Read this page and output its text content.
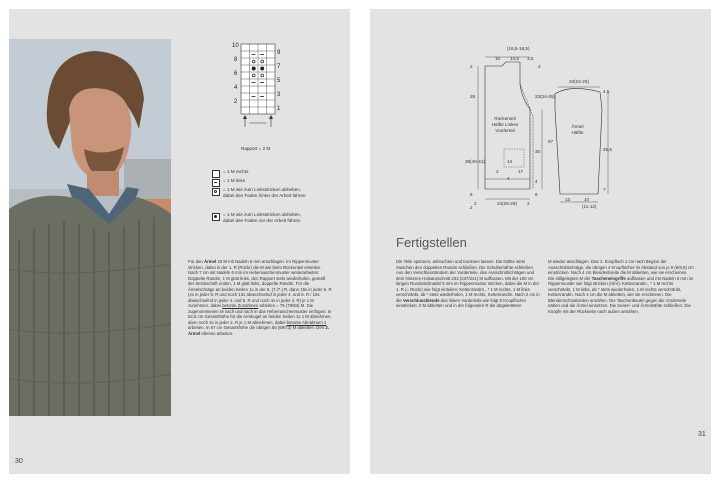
10
8
6
4
2
9
7
5
3
1
Rapport = 2 M
= 1 M rechts
= 1 M links
= 1 M wie zum Linksstricken abheben, dabei den Faden hinter der Arbeit führen
= 1 M wie zum Linksstricken abheben, dabei den Faden vor der Arbeit führen
Für den Ärmel 43 M mit Nadeln 5 mm anschlagen. Im Rippenmuster stricken, dabei in der 1. R (Rückr) die M wie beim Rückenteil einteilen. Nach 7 cm mit Nadeln 6 mm im Hebemaschenmuster weiterarbeiten: Doppelte Randm, 1 M glatt links, den Rapport stets wiederholen, gemäß der Strickschrift enden, 1 M glatt links, doppelte Randm. Für die Ärmelschräge an beiden Seiten 1x in der 5. (7./7.) R, dann 15x in jeder 6. R (4x in jeder 6. R und noch 13x abwechselnd in jeder 4. und 6. R / 15x abwechselnd in jeder 4. und 6. R und noch 4x in jeder 4. R) je 1 M zunehmen, dabei betonte Zunahmen arbeiten = 75 (79/83) M. Die zugenommenen M nach und nach in das Hebemaschenmuster einfügen. In 52,5 cm Gesamthöhe für die Armkugel an beiden Seiten 1x 1 M abnehmen, dann noch 4x in jeder 2. R je 1 M abnehmen, dabei betonte Abnahmen 1 arbeiten. In 57 cm Gesamthöhe die übrigen 65 (69/73) M abketten. Den 2. Ärmel ebenso arbeiten.
30
(16,5-18,5)
10 14,5 3,5
2	2
28
39(40-41)
6
2
23(24-25)
30
4
6
14
2
4
17
2	24(26-28) 2
Rückenteil Hälfte Linkes Vorderteil
23(24-25)
4,5
45,5
7
57
13	10
(11-12)
Ärmel Hälfte
Fertigstellen
Die Teile spannen, anfeuchten und trocknen lassen. Die Nähte stets zwischen den doppelten Randm schließen. Die Schulternähte schließen. Aus den Verschlussrändern der Vorderteile, den Ausschnittschrägen und dem hinteren Halsausschnitt 233 (237/241) M auffassen. Mit der 100 cm langen Rundstricknadel 5 mm im Rippenmuster stricken, dabei die M in der 1. R (= Rückr) wie folgt einteilen: Kettenrandm., * 1 M rechts, 1 M links verschränkt, ab * stets wiederholen, 1 M rechts, Kettenrandm. Nach 2 cm in die Verschlussblende des linken Vorderteils wie folgt 5 Knopflöcher einstricken: 2 M abketten und in der folgenden R die abgeketteten
M wieder anschlagen. Das 1. Knopfloch 1 cm nach Beginn der Ausschnittschräge, die übrigen 4 Knopflöcher im Abstand von je 9 (9/9,5) cm einstricken. Nach 4 cm Blendenbreite die M abketten, wie sie erscheinen. Die stillgelegten M der Tascheneingriffe auffassen und mit Nadeln 5 mm im Rippenmuster wie folgt stricken (Hinr): Kettenrandm., * 1 M rechts verschränkt, 1 M links, ab * stets wiederholen, 1 M rechts verschränkt, Kettenrandm. Nach 4 cm die M abketten, wie sie erscheinen. Die Blendenschmalseiten annähen. Die Taschenbeutel gegen die Vorderteile nähen und die Ärmel einsetzen. Die Seiten- und Ärmelnähte schließen. Die Knöpfe mit der Rückseite nach außen annähen.
31
